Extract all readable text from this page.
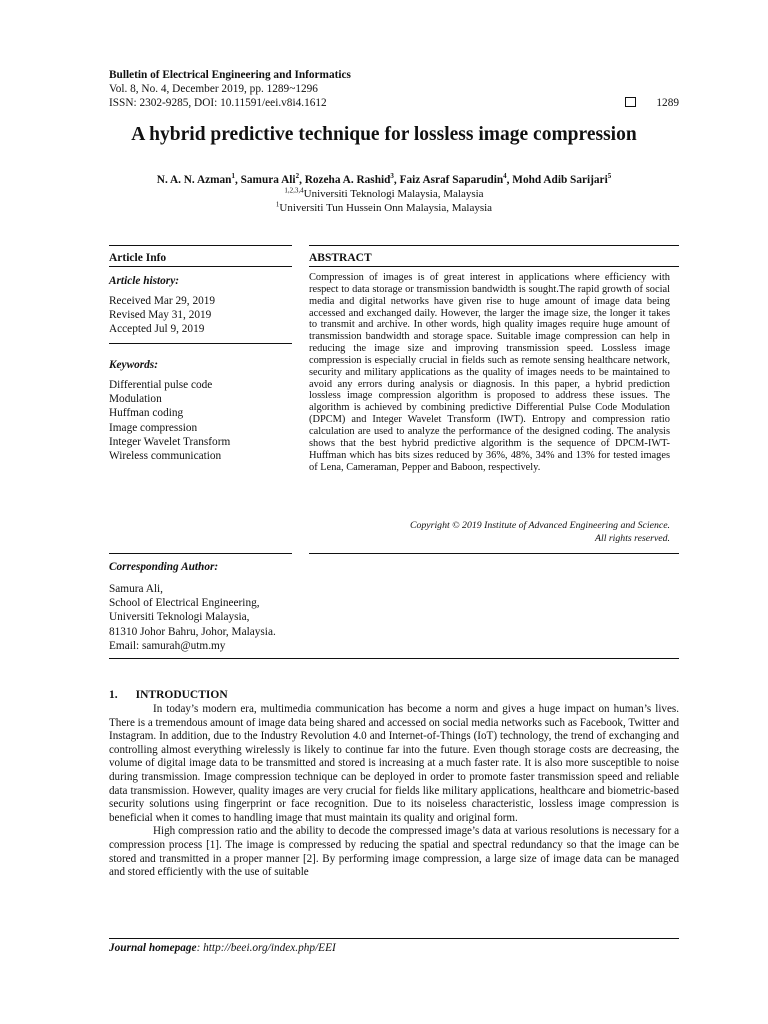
Bulletin of Electrical Engineering and Informatics
Vol. 8, No. 4, December 2019, pp. 1289~1296
ISSN: 2302-9285, DOI: 10.11591/eei.v8i4.1612	1289
A hybrid predictive technique for lossless image compression
N. A. N. Azman$^1$, Samura Ali$^2$, Rozeha A. Rashid$^3$, Faiz Asraf Saparudin$^4$, Mohd Adib Sarijari$^5$
$^{1,2,3,4}$Universiti Teknologi Malaysia, Malaysia
$^1$Universiti Tun Hussein Onn Malaysia, Malaysia
Article Info	ABSTRACT
Article history:
Received Mar 29, 2019
Revised May 31, 2019
Accepted Jul 9, 2019
Keywords:
Differential pulse code
Modulation
Huffman coding
Image compression
Integer Wavelet Transform
Wireless communication
Compression of images is of great interest in applications where efficiency with respect to data storage or transmission bandwidth is sought.The rapid growth of social media and digital networks have given rise to huge amount of image data being accessed and exchanged daily. However, the larger the image size, the longer it takes to transmit and archive. In other words, high quality images require huge amount of transmission bandwidth and storage space. Suitable image compression can help in reducing the image size and improving transmission speed. Lossless image compression is especially crucial in fields such as remote sensing healthcare network, security and military applications as the quality of images needs to be maintained to avoid any errors during analysis or diagnosis. In this paper, a hybrid prediction lossless image compression algorithm is proposed to address these issues. The algorithm is achieved by combining predictive Differential Pulse Code Modulation (DPCM) and Integer Wavelet Transform (IWT). Entropy and compression ratio calculation are used to analyze the performance of the designed coding. The analysis shows that the best hybrid predictive algorithm is the sequence of DPCM-IWT-Huffman which has bits sizes reduced by 36%, 48%, 34% and 13% for tested images of Lena, Cameraman, Pepper and Baboon, respectively.
Copyright © 2019 Institute of Advanced Engineering and Science.
All rights reserved.
Corresponding Author:
Samura Ali,
School of Electrical Engineering,
Universiti Teknologi Malaysia,
81310 Johor Bahru, Johor, Malaysia.
Email: samurah@utm.my
1. INTRODUCTION

In today’s modern era, multimedia communication has become a norm and gives a huge impact on human’s lives. There is a tremendous amount of image data being shared and accessed on social media networks such as Facebook, Twitter and Instagram. In addition, due to the Industry Revolution 4.0 and Internet-of-Things (IoT) technology, the trend of exchanging and controlling almost everything wirelessly is likely to continue far into the future. Even though storage costs are decreasing, the volume of digital image data to be transmitted and stored is increasing at a much faster rate. It is also more susceptible to noise during transmission. Image compression technique can be deployed in order to promote faster transmission speed and reliable data transmission. However, quality images are very crucial for fields like military applications, healthcare and biometric-based security solutions using fingerprint or face recognition. Due to its noiseless characteristic, lossless image compression is beneficial when it comes to handling image that must maintain its quality and original form.

High compression ratio and the ability to decode the compressed image’s data at various resolutions is necessary for a compression process [1]. The image is compressed by reducing the spatial and spectral redundancy so that the image can be stored and transmitted in a proper manner [2]. By performing image compression, a large size of image data can be managed and stored efficiently with the use of suitable

Journal homepage: http://beei.org/index.php/EEI
